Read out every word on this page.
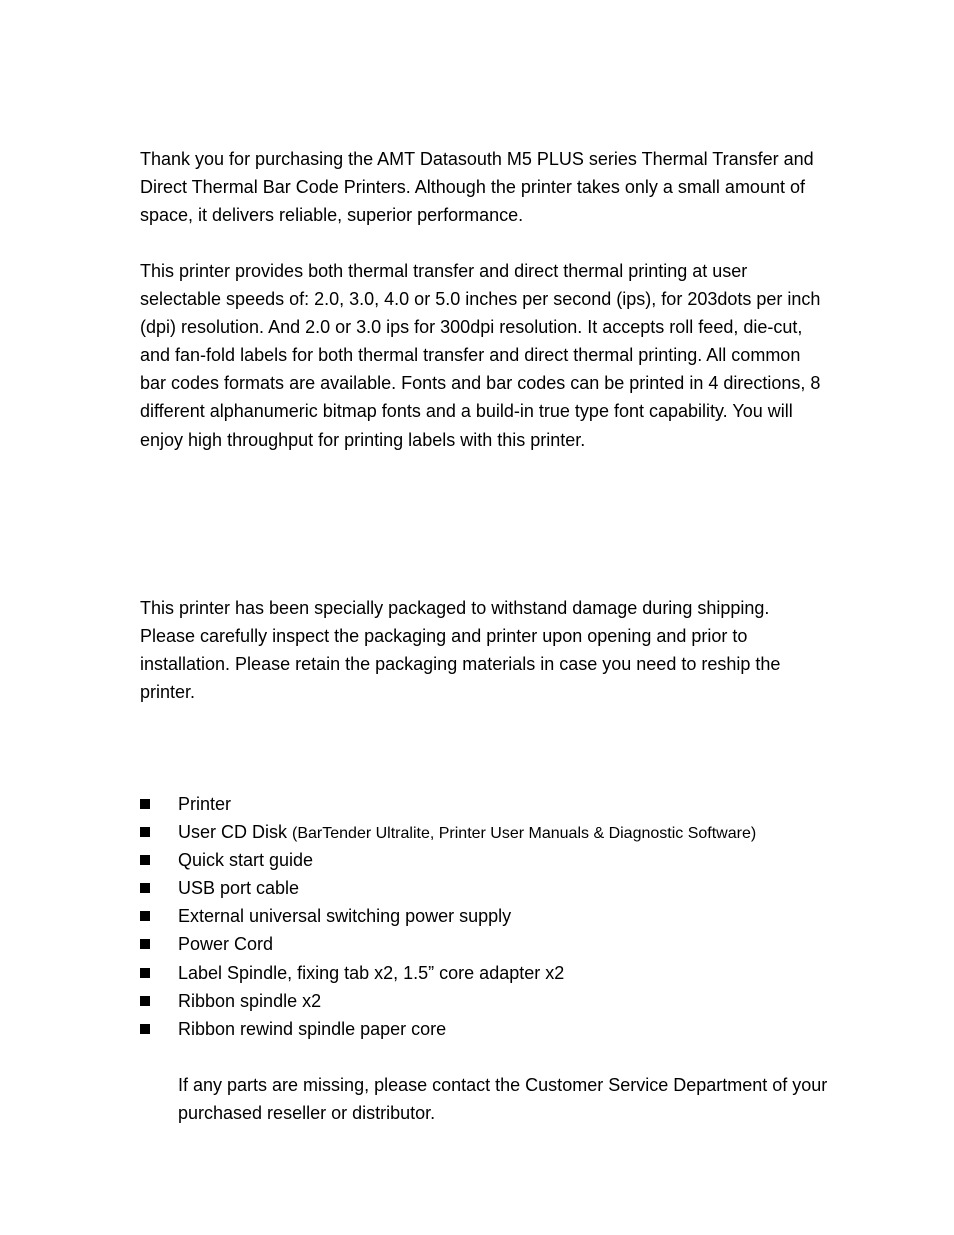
Thank you for purchasing the AMT Datasouth M5 PLUS series Thermal Transfer and Direct Thermal Bar Code Printers. Although the printer takes only a small amount of space, it delivers reliable, superior performance.

This printer provides both thermal transfer and direct thermal printing at user selectable speeds of: 2.0, 3.0, 4.0 or 5.0 inches per second (ips), for 203dots per inch (dpi) resolution. And 2.0 or 3.0 ips for 300dpi resolution. It accepts roll feed, die-cut, and fan-fold labels for both thermal transfer and direct thermal printing. All common bar codes formats are available. Fonts and bar codes can be printed in 4 directions, 8 different alphanumeric bitmap fonts and a build-in true type font capability. You will enjoy high throughput for printing labels with this printer.

This printer has been specially packaged to withstand damage during shipping. Please carefully inspect the packaging and printer upon opening and prior to installation. Please retain the packaging materials in case you need to reship the printer.

Printer
User CD Disk (BarTender Ultralite, Printer User Manuals & Diagnostic Software)
Quick start guide
USB port cable
External universal switching power supply
Power Cord
Label Spindle, fixing tab x2, 1.5” core adapter x2
Ribbon spindle x2
Ribbon rewind spindle paper core

If any parts are missing, please contact the Customer Service Department of your purchased reseller or distributor.
